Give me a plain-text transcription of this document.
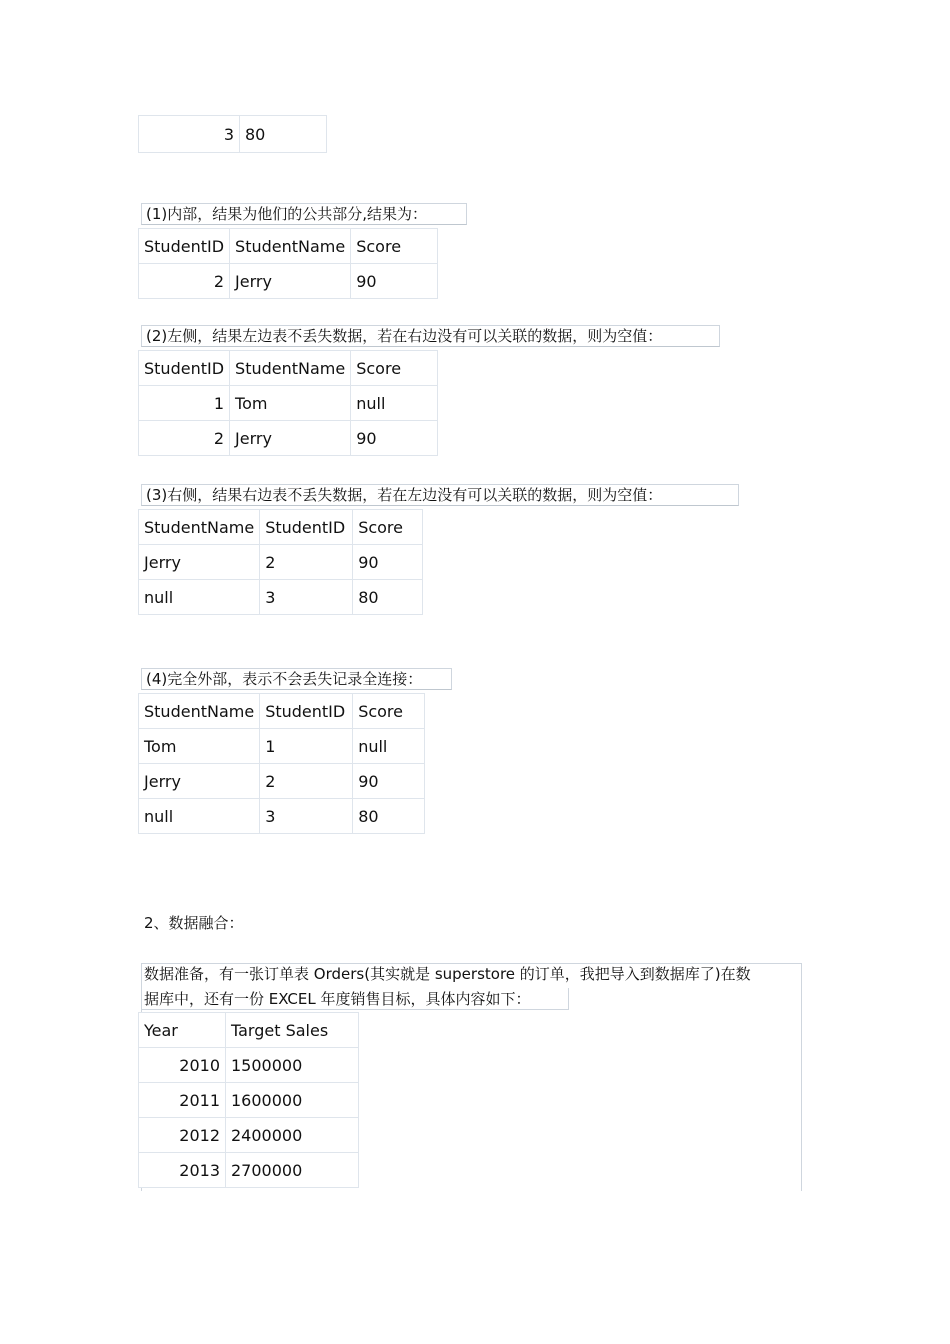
3	80
(1)内部，结果为他们的公共部分,结果为：
StudentID	StudentName	Score
2	Jerry	90
(2)左侧，结果左边表不丢失数据，若在右边没有可以关联的数据，则为空值：
StudentID	StudentName	Score
1	Tom	null
2	Jerry	90
(3)右侧，结果右边表不丢失数据，若在左边没有可以关联的数据，则为空值：
StudentName	StudentID	Score
Jerry	2	90
null	3	80
(4)完全外部，表示不会丢失记录全连接：
StudentName	StudentID	Score
Tom	1	null
Jerry	2	90
null	3	80
2、数据融合：
数据准备，有一张订单表 Orders(其实就是 superstore 的订单，我把导入到数据库了)在数
据库中，还有一份 EXCEL 年度销售目标，具体内容如下：
Year	Target Sales
2010	1500000
2011	1600000
2012	2400000
2013	2700000
